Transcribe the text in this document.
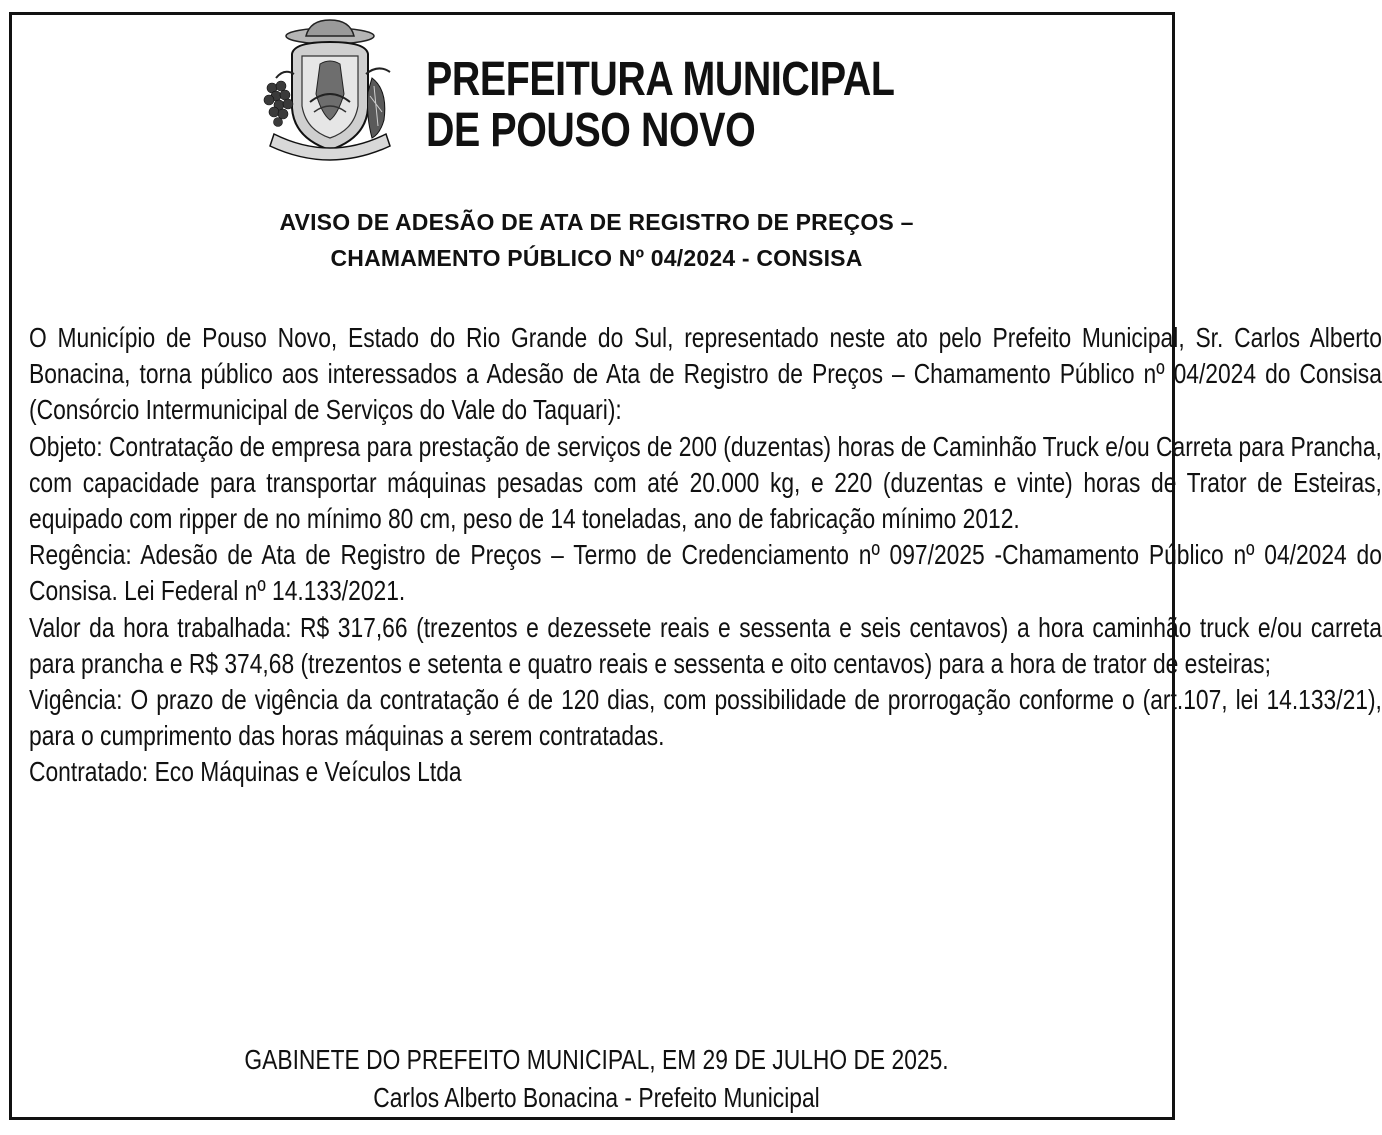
PREFEITURA MUNICIPAL
DE POUSO NOVO
AVISO DE ADESÃO DE ATA DE REGISTRO DE PREÇOS –
CHAMAMENTO PÚBLICO Nº 04/2024 - CONSISA

O Município de Pouso Novo, Estado do Rio Grande do Sul, representado neste ato pelo Prefeito Municipal, Sr. Carlos Alberto Bonacina, torna público aos interessados a Adesão de Ata de Registro de Preços – Chamamento Público nº 04/2024 do Consisa (Consórcio Intermunicipal de Serviços do Vale do Taquari):

Objeto: Contratação de empresa para prestação de serviços de 200 (duzentas) horas de Caminhão Truck e/ou Carreta para Prancha, com capacidade para transportar máquinas pesadas com até 20.000 kg, e 220 (duzentas e vinte) horas de Trator de Esteiras, equipado com ripper de no mínimo 80 cm, peso de 14 toneladas, ano de fabricação mínimo 2012.

Regência: Adesão de Ata de Registro de Preços – Termo de Credenciamento nº 097/2025 -Chamamento Público nº 04/2024 do Consisa. Lei Federal nº 14.133/2021.

Valor da hora trabalhada: R$ 317,66 (trezentos e dezessete reais e sessenta e seis centavos) a hora caminhão truck e/ou carreta para prancha e R$ 374,68 (trezentos e setenta e quatro reais e sessenta e oito centavos) para a hora de trator de esteiras;

Vigência: O prazo de vigência da contratação é de 120 dias, com possibilidade de prorrogação conforme o (art.107, lei 14.133/21), para o cumprimento das horas máquinas a serem contratadas.

Contratado: Eco Máquinas e Veículos Ltda

GABINETE DO PREFEITO MUNICIPAL, EM 29 DE JULHO DE 2025.
Carlos Alberto Bonacina - Prefeito Municipal
